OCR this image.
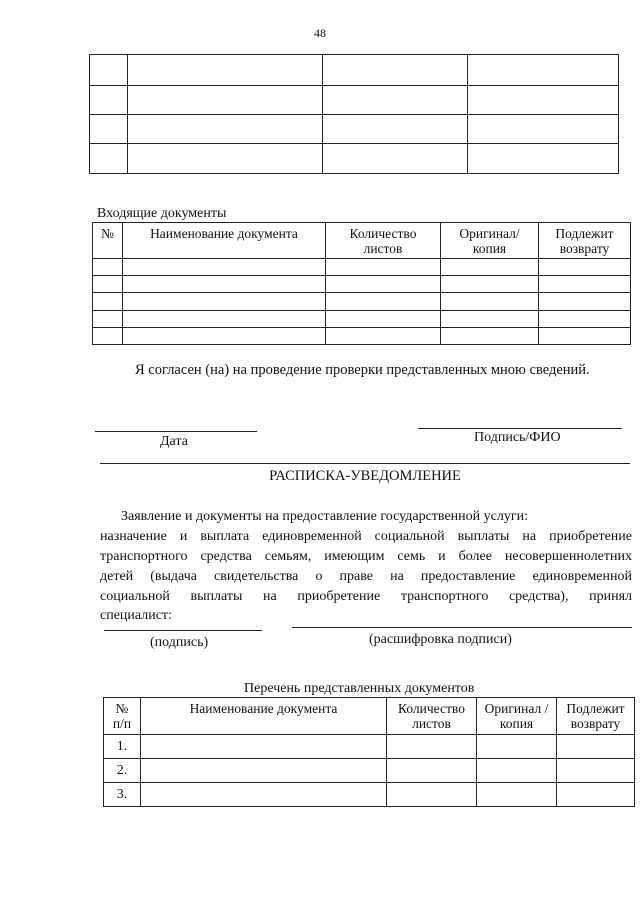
48

Входящие документы
№	Наименование документа	Количество листов	Оригинал/ копия	Подлежит возврату

Я согласен (на) на проведение проверки представленных мною сведений.
Дата	Подпись/ФИО
РАСПИСКА-УВЕДОМЛЕНИЕ
Заявление и документы на предоставление государственной услуги:
назначение и выплата единовременной социальной выплаты на приобретение
транспортного средства семьям, имеющим семь и более несовершеннолетних
детей (выдача свидетельства о праве на предоставление единовременной
социальной выплаты на приобретение транспортного средства), принял
специалист:
(подпись)	(расшифровка подписи)
Перечень представленных документов
№ п/п	Наименование документа	Количество листов	Оригинал /копия	Подлежит возврату
1.				
2.				
3.				
